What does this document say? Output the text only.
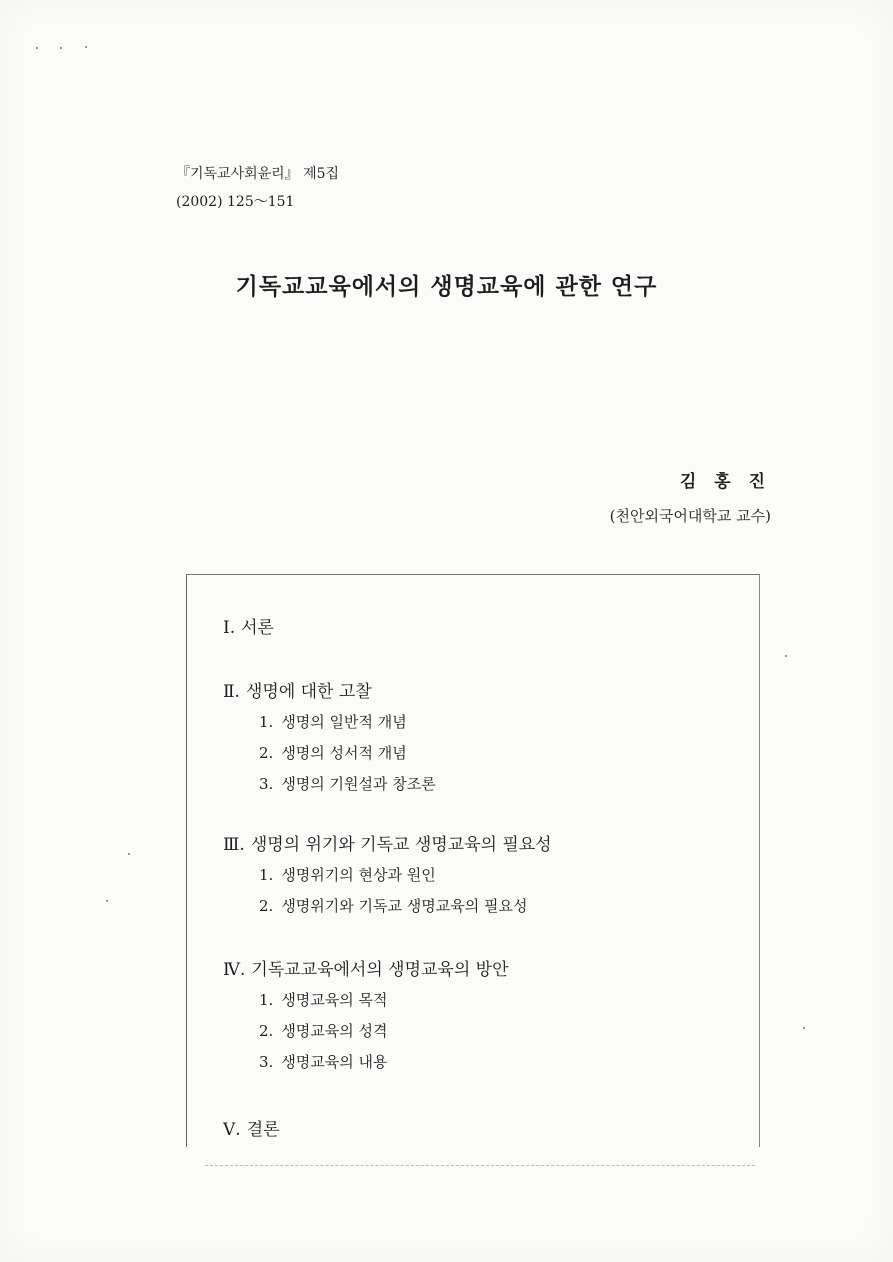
『기독교사회윤리』 제5집
(2002) 125～151
기독교교육에서의 생명교육에 관한 연구
김 홍 진
(천안외국어대학교 교수)
Ⅰ. 서론
Ⅱ. 생명에 대한 고찰
1. 생명의 일반적 개념
2. 생명의 성서적 개념
3. 생명의 기원설과 창조론
Ⅲ. 생명의 위기와 기독교 생명교육의 필요성
1. 생명위기의 현상과 원인
2. 생명위기와 기독교 생명교육의 필요성
Ⅳ. 기독교교육에서의 생명교육의 방안
1. 생명교육의 목적
2. 생명교육의 성격
3. 생명교육의 내용
Ⅴ. 결론
